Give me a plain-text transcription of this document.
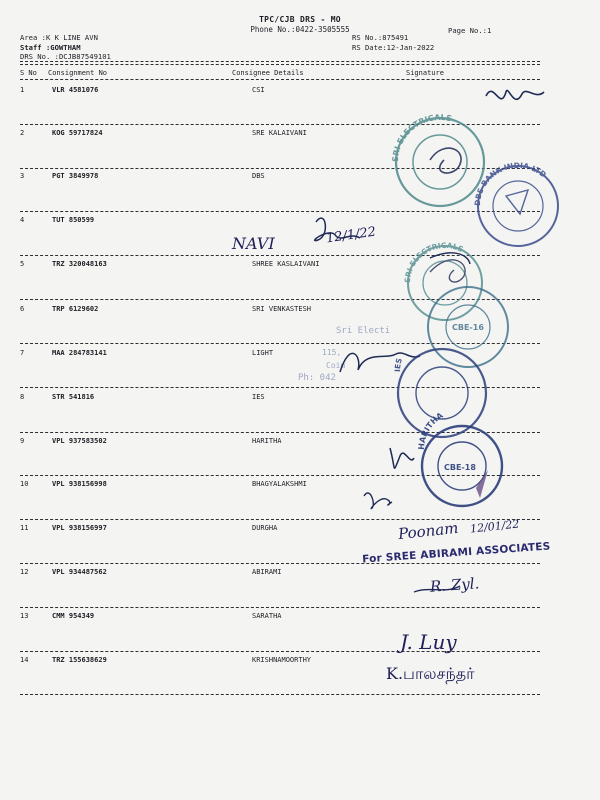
TPC/CJB DRS - MO
Phone No.:0422-3505555	Page No.:1
Area :K K LINE AVN
Staff :GOWTHAM
DRS No. :DCJB87549101
RS No.:875491
RS Date:12-Jan-2022
S No Consignment No	Consignee Details	Signature
1	VLR 4581076	CSI
2	KOG 59717824	SRE KALAIVANI
3	PGT 3849978	DBS
4	TUT 850599
5	TRZ 320048163	SHREE KASLAIVANI
6	TRP 6129602	SRI VENKASTESH
7	MAA 284783141	LIGHT
8	STR 541816	IES
9	VPL 937583502	HARITHA
10	VPL 938156998	BHAGYALAKSHMI
11	VPL 938156997	DURGHA
12	VPL 934487562	ABIRAMI
13	CMM 954349	SARATHA
14	TRZ 155638629	KRISHNAMOORTHY
SRI ELECTRICALS
DBS BANK INDIA LTD
SRI ELECTRICALS
CBE-16
Sri Electi
115,
Coim
Ph: 042
IES
HARITHA
CBE-18
NAVI	12/1/22
Poonam 12/01/22
For SREE ABIRAMI ASSOCIATES
R. Zyl.
J. Luy
K.பாலசந்தர்
